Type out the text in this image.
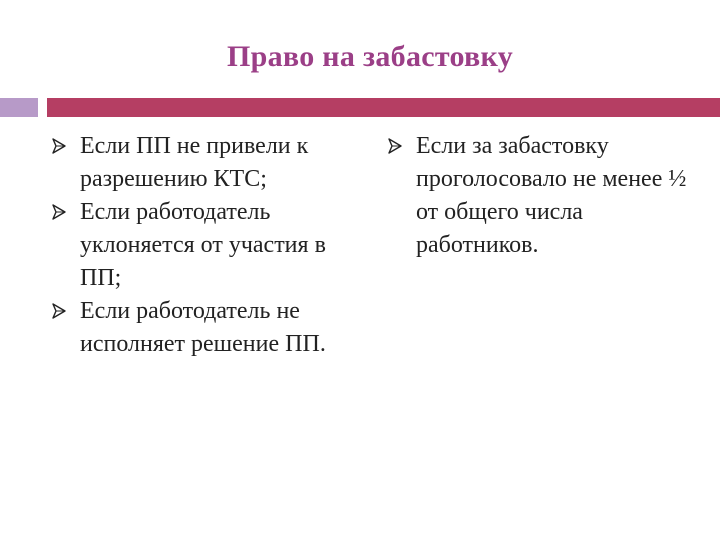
Право на забастовку
Если ПП не привели к разрешению КТС;
Если работодатель уклоняется от участия в ПП;
Если работодатель не исполняет решение ПП.
Если за забастовку проголосовало не менее ½ от общего числа работников.
